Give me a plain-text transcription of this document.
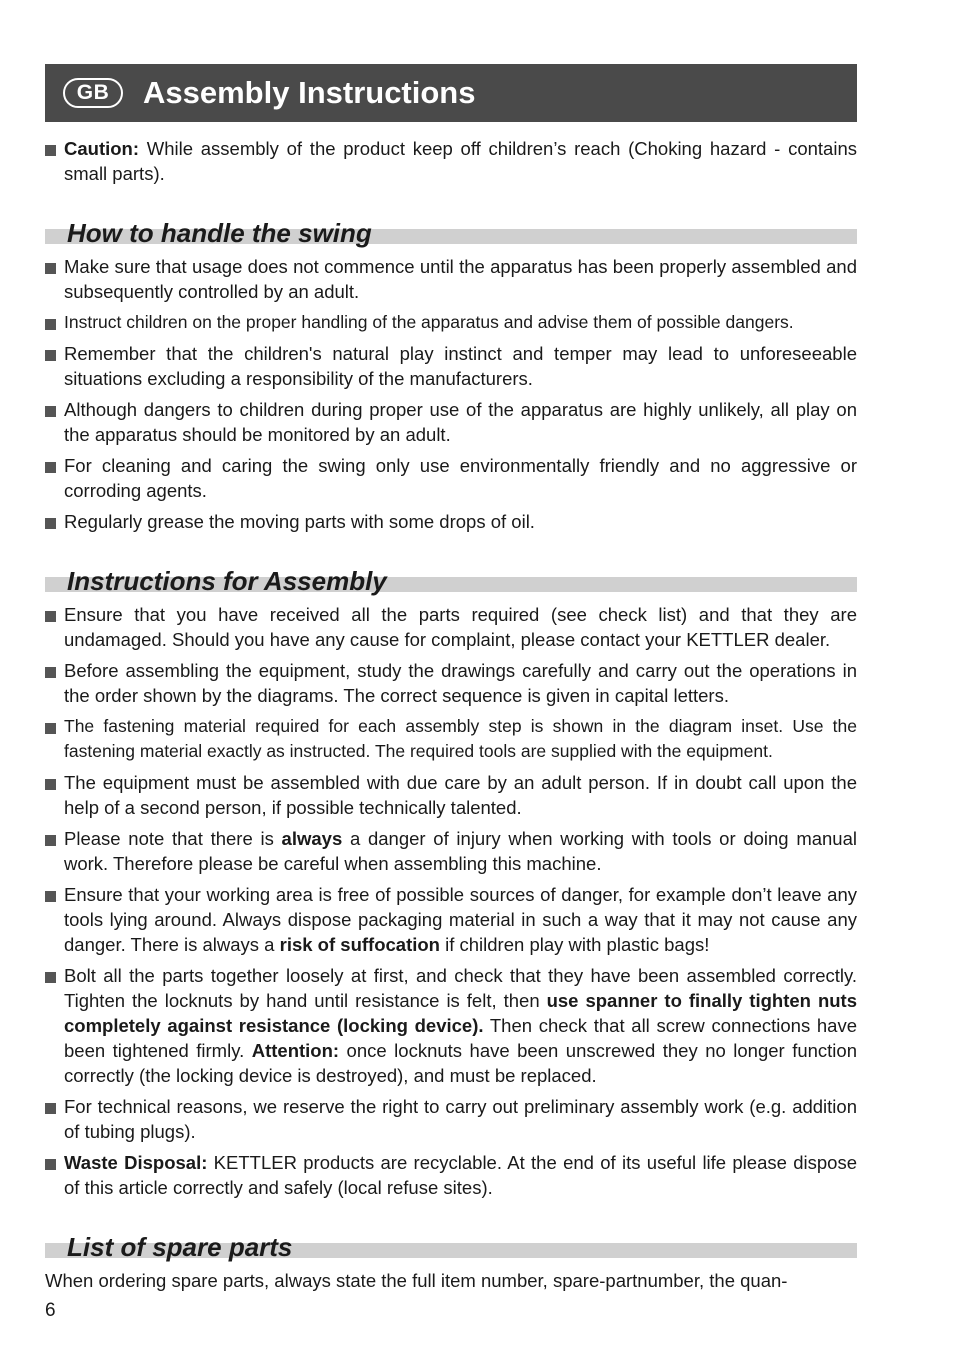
GB	Assembly Instructions
Caution: While assembly of the product keep off children’s reach (Choking hazard - contains small parts).
How to handle the swing
Make sure that usage does not commence until the apparatus has been properly assembled and subsequently controlled by an adult.
Instruct children on the proper handling of the apparatus and advise them of possible dangers.
Remember that the children's natural play instinct and temper may lead to unforeseeable situations excluding a responsibility of the manufacturers.
Although dangers to children during proper use of the apparatus are highly unlikely, all play on the apparatus should be monitored by an adult.
For cleaning and caring the swing only use environmentally friendly and no aggressive or corroding agents.
Regularly grease the moving parts with some drops of oil.
Instructions for Assembly
Ensure that you have received all the parts required (see check list) and that they are undamaged. Should you have any cause for complaint, please contact your KETTLER dealer.
Before assembling the equipment, study the drawings carefully and carry out the operations in the order shown by the diagrams. The correct sequence is given in capital letters.
The fastening material required for each assembly step is shown in the diagram inset. Use the fastening material exactly as instructed. The required tools are supplied with the equipment.
The equipment must be assembled with due care by an adult person. If in doubt call upon the help of a second person, if possible technically talented.
Please note that there is always a danger of injury when working with tools or doing manual work. Therefore please be careful when assembling this machine.
Ensure that your working area is free of possible sources of danger, for example don’t leave any tools lying around. Always dispose packaging material in such a way that it may not cause any danger. There is always a risk of suffocation if children play with plastic bags!
Bolt all the parts together loosely at first, and check that they have been assembled correctly. Tighten the locknuts by hand until resistance is felt, then use spanner to finally tighten nuts completely against resistance (locking device). Then check that all screw connections have been tightened firmly. Attention: once locknuts have been unscrewed they no longer function correctly (the locking device is destroyed), and must be replaced.
For technical reasons, we reserve the right to carry out preliminary assembly work (e.g. addition of tubing plugs).
Waste Disposal: KETTLER products are recyclable. At the end of its useful life please dispose of this article correctly and safely (local refuse sites).
List of spare parts
When ordering spare parts, always state the full item number, spare-partnumber, the quan-
6
